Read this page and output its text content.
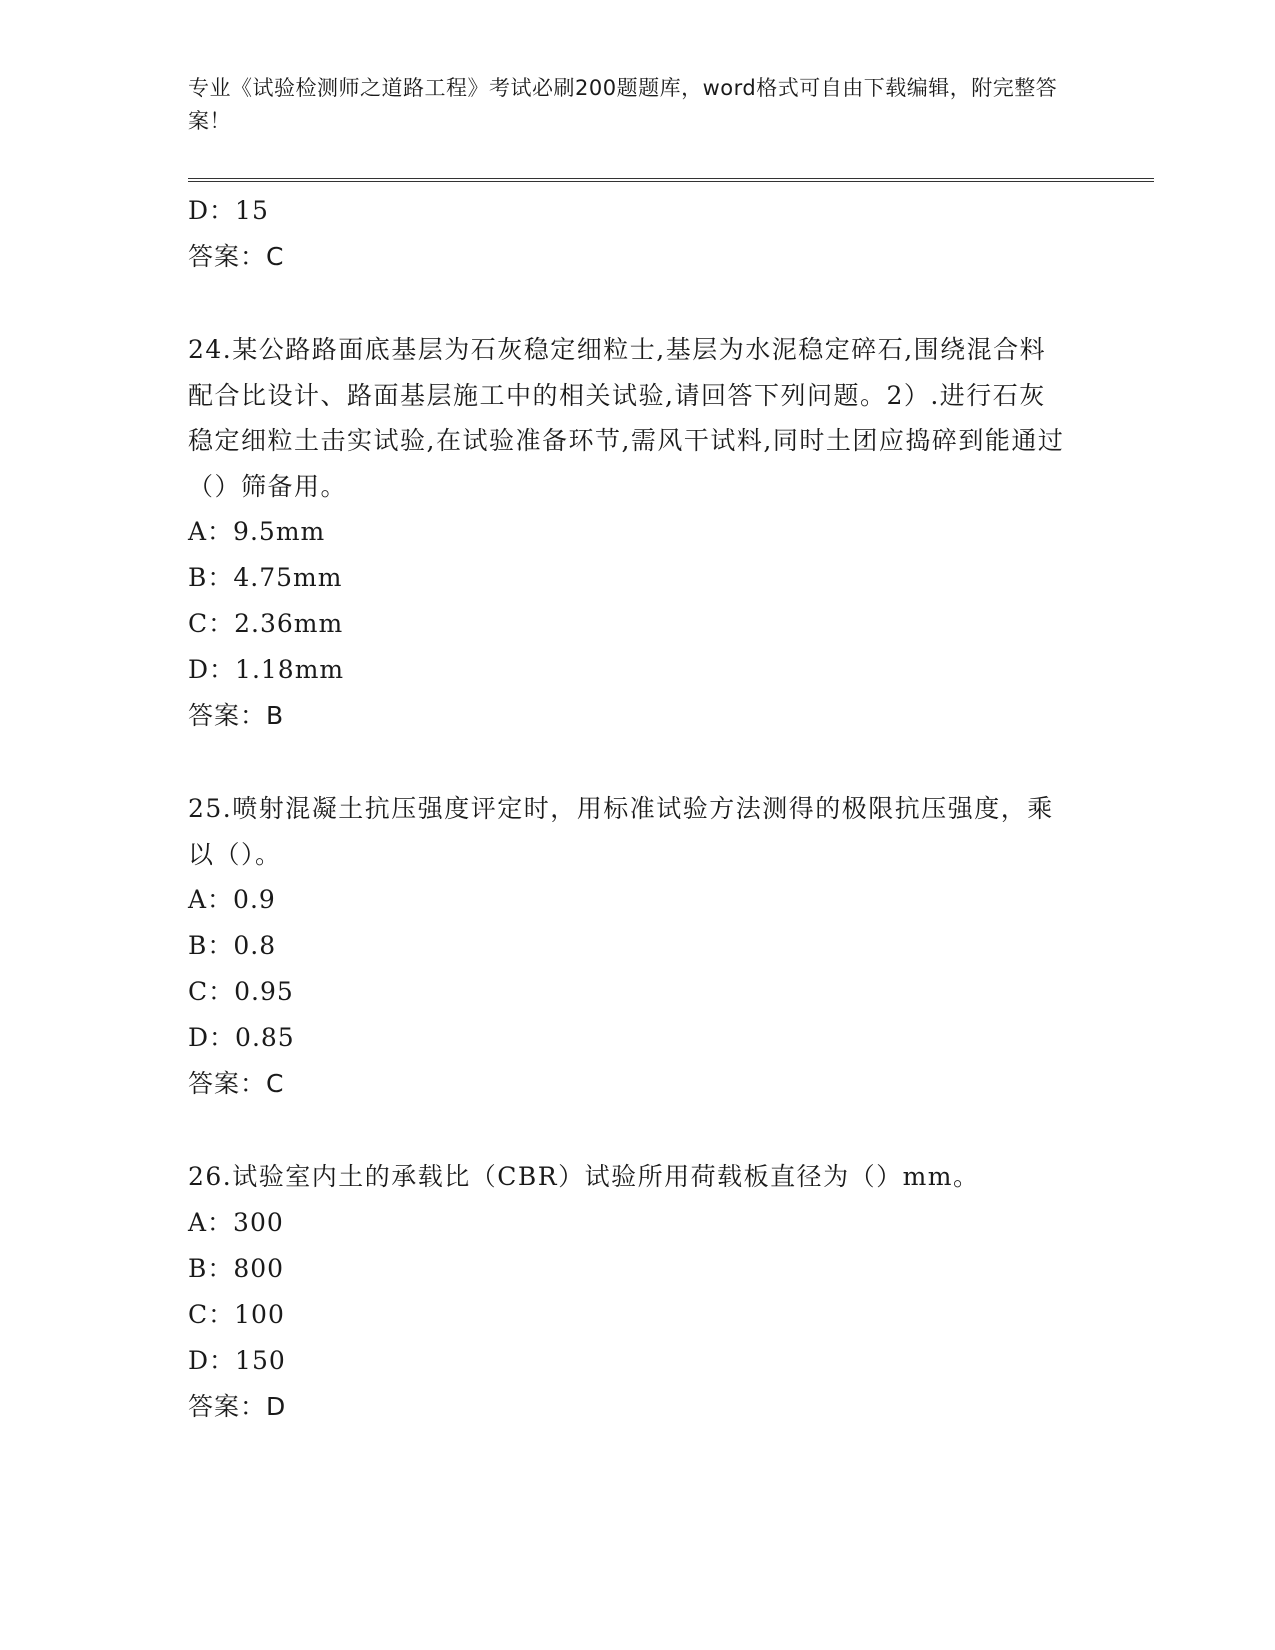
专业《试验检测师之道路工程》考试必刷200题题库，word格式可自由下载编辑，附完整答案！
D：15
答案：C
24.某公路路面底基层为石灰稳定细粒士,基层为水泥稳定碎石,围绕混合料配合比设计、路面基层施工中的相关试验,请回答下列问题。2）.进行石灰稳定细粒土击实试验,在试验准备环节,需风干试料,同时土团应捣碎到能通过（）筛备用。
A：9.5mm
B：4.75mm
C：2.36mm
D：1.18mm
答案：B
25.喷射混凝土抗压强度评定时，用标准试验方法测得的极限抗压强度，乘以（）。
A：0.9
B：0.8
C：0.95
D：0.85
答案：C
26.试验室内土的承载比（CBR）试验所用荷载板直径为（）mm。
A：300
B：800
C：100
D：150
答案：D
